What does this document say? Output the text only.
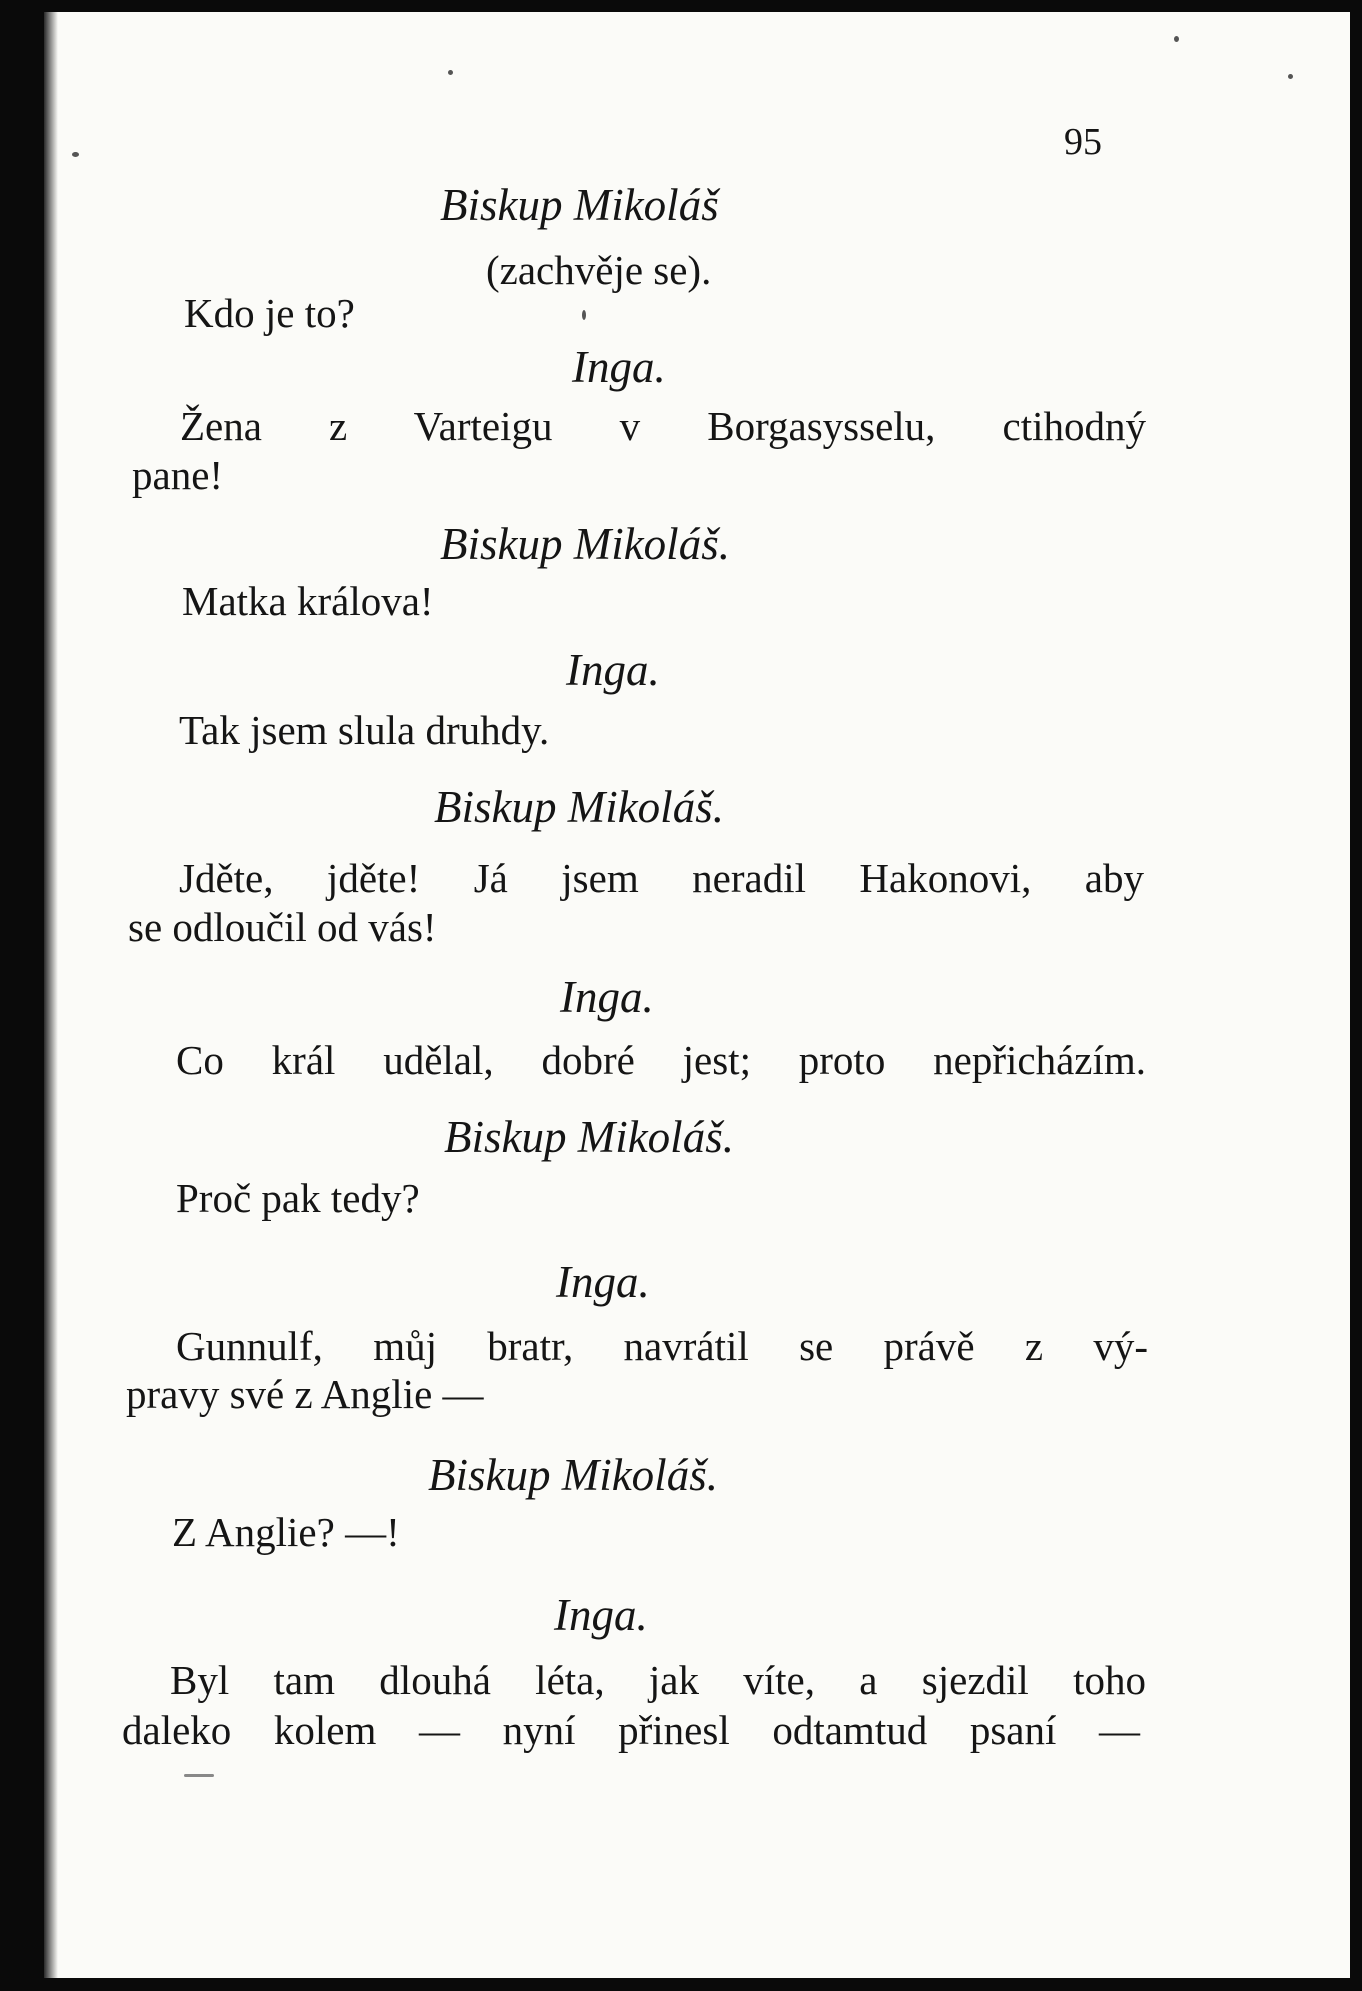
95
Biskup Mikoláš
(zachvěje se).
Kdo je to?
Inga.
Žena z Varteigu v Borgasysselu, ctihodný
pane!
Biskup Mikoláš.
Matka králova!
Inga.
Tak jsem slula druhdy.
Biskup Mikoláš.
Jděte, jděte! Já jsem neradil Hakonovi, aby
se odloučil od vás!
Inga.
Co král udělal, dobré jest; proto nepřicházím.
Biskup Mikoláš.
Proč pak tedy?
Inga.
Gunnulf, můj bratr, navrátil se právě z vý-
pravy své z Anglie —
Biskup Mikoláš.
Z Anglie? —!
Inga.
Byl tam dlouhá léta, jak víte, a sjezdil toho
daleko kolem — nyní přinesl odtamtud psaní —
